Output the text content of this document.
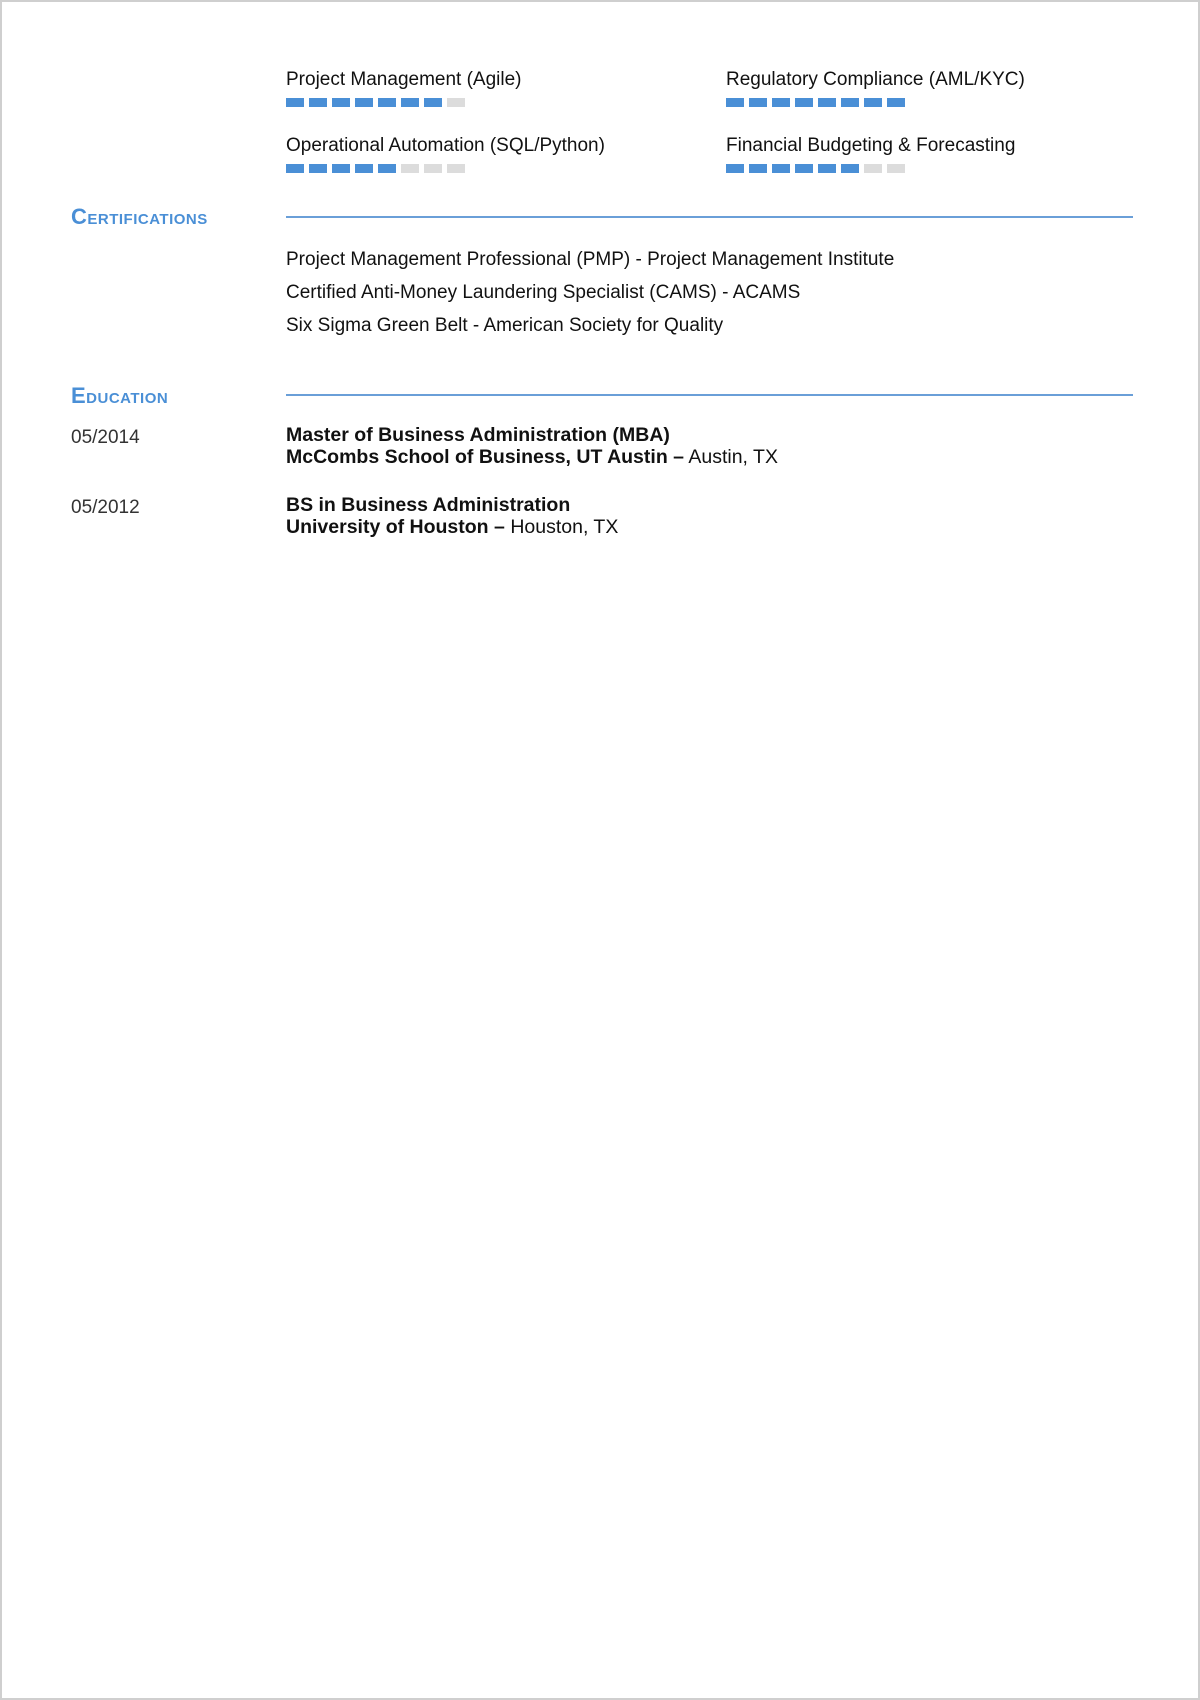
Project Management (Agile)	Regulatory Compliance (AML/KYC)
Operational Automation (SQL/Python)	Financial Budgeting & Forecasting
Certifications
Project Management Professional (PMP) - Project Management Institute
Certified Anti-Money Laundering Specialist (CAMS) - ACAMS
Six Sigma Green Belt - American Society for Quality
Education
05/2014	Master of Business Administration (MBA)
McCombs School of Business, UT Austin – Austin, TX
05/2012	BS in Business Administration
University of Houston – Houston, TX
